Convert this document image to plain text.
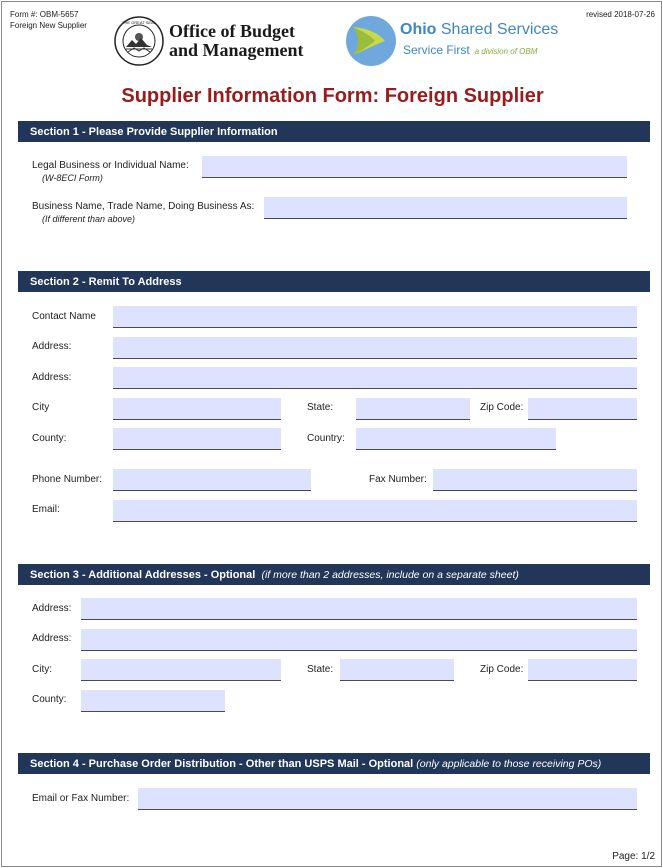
Form #: OBM-5657
Foreign New Supplier
revised 2018-07-26
THE GREAT SEAL Office of Budget
and Management
Ohio Shared Services
Service First a division of OBM
Supplier Information Form: Foreign Supplier
Section 1 - Please Provide Supplier Information
Legal Business or Individual Name:
(W-8ECI Form)
Business Name, Trade Name, Doing Business As:
(If different than above)
Section 2 - Remit To Address
Contact Name
Address:
Address:
City	State:	Zip Code:
County:	Country:
Phone Number:	Fax Number:
Email:
Section 3 - Additional Addresses - Optional (if more than 2 addresses, include on a separate sheet)
Address:
Address:
City:	State:	Zip Code:
County:
Section 4 - Purchase Order Distribution - Other than USPS Mail - Optional (only applicable to those receiving POs)
Email or Fax Number:
Page: 1/2
